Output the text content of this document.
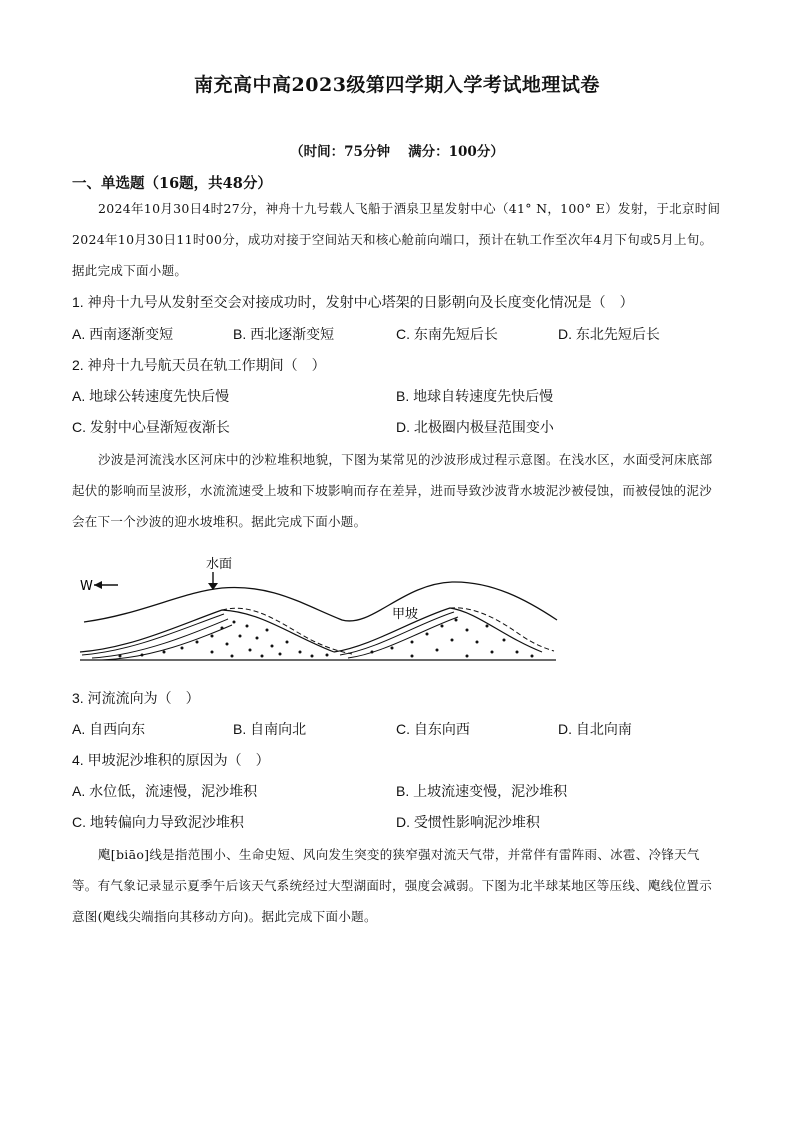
南充高中高2023级第四学期入学考试地理试卷
（时间：75分钟　 满分：100分）
一、单选题（16题，共48分）
2024年10月30日4时27分，神舟十九号载人飞船于酒泉卫星发射中心（41° N，100° E）发射，于北京时间2024年10月30日11时00分，成功对接于空间站天和核心舱前向端口，预计在轨工作至次年4月下旬或5月上旬。据此完成下面小题。
1. 神舟十九号从发射至交会对接成功时，发射中心塔架的日影朝向及长度变化情况是（　）
A. 西南逐渐变短	B. 西北逐渐变短	C. 东南先短后长	D. 东北先短后长
2. 神舟十九号航天员在轨工作期间（　）
A. 地球公转速度先快后慢	B. 地球自转速度先快后慢
C. 发射中心昼渐短夜渐长	D. 北极圈内极昼范围变小
沙波是河流浅水区河床中的沙粒堆积地貌，下图为某常见的沙波形成过程示意图。在浅水区，水面受河床底部起伏的影响而呈波形，水流流速受上坡和下坡影响而存在差异，进而导致沙波背水坡泥沙被侵蚀，而被侵蚀的泥沙会在下一个沙波的迎水坡堆积。据此完成下面小题。
W
水面
甲坡
3. 河流流向为（　）
A. 自西向东	B. 自南向北	C. 自东向西	D. 自北向南
4. 甲坡泥沙堆积的原因为（　）
A. 水位低，流速慢，泥沙堆积	B. 上坡流速变慢，泥沙堆积
C. 地转偏向力导致泥沙堆积	D. 受惯性影响泥沙堆积
飑[biāo]线是指范围小、生命史短、风向发生突变的狭窄强对流天气带，并常伴有雷阵雨、冰雹、冷锋天气等。有气象记录显示夏季午后该天气系统经过大型湖面时，强度会减弱。下图为北半球某地区等压线、飑线位置示意图(飑线尖端指向其移动方向)。据此完成下面小题。
